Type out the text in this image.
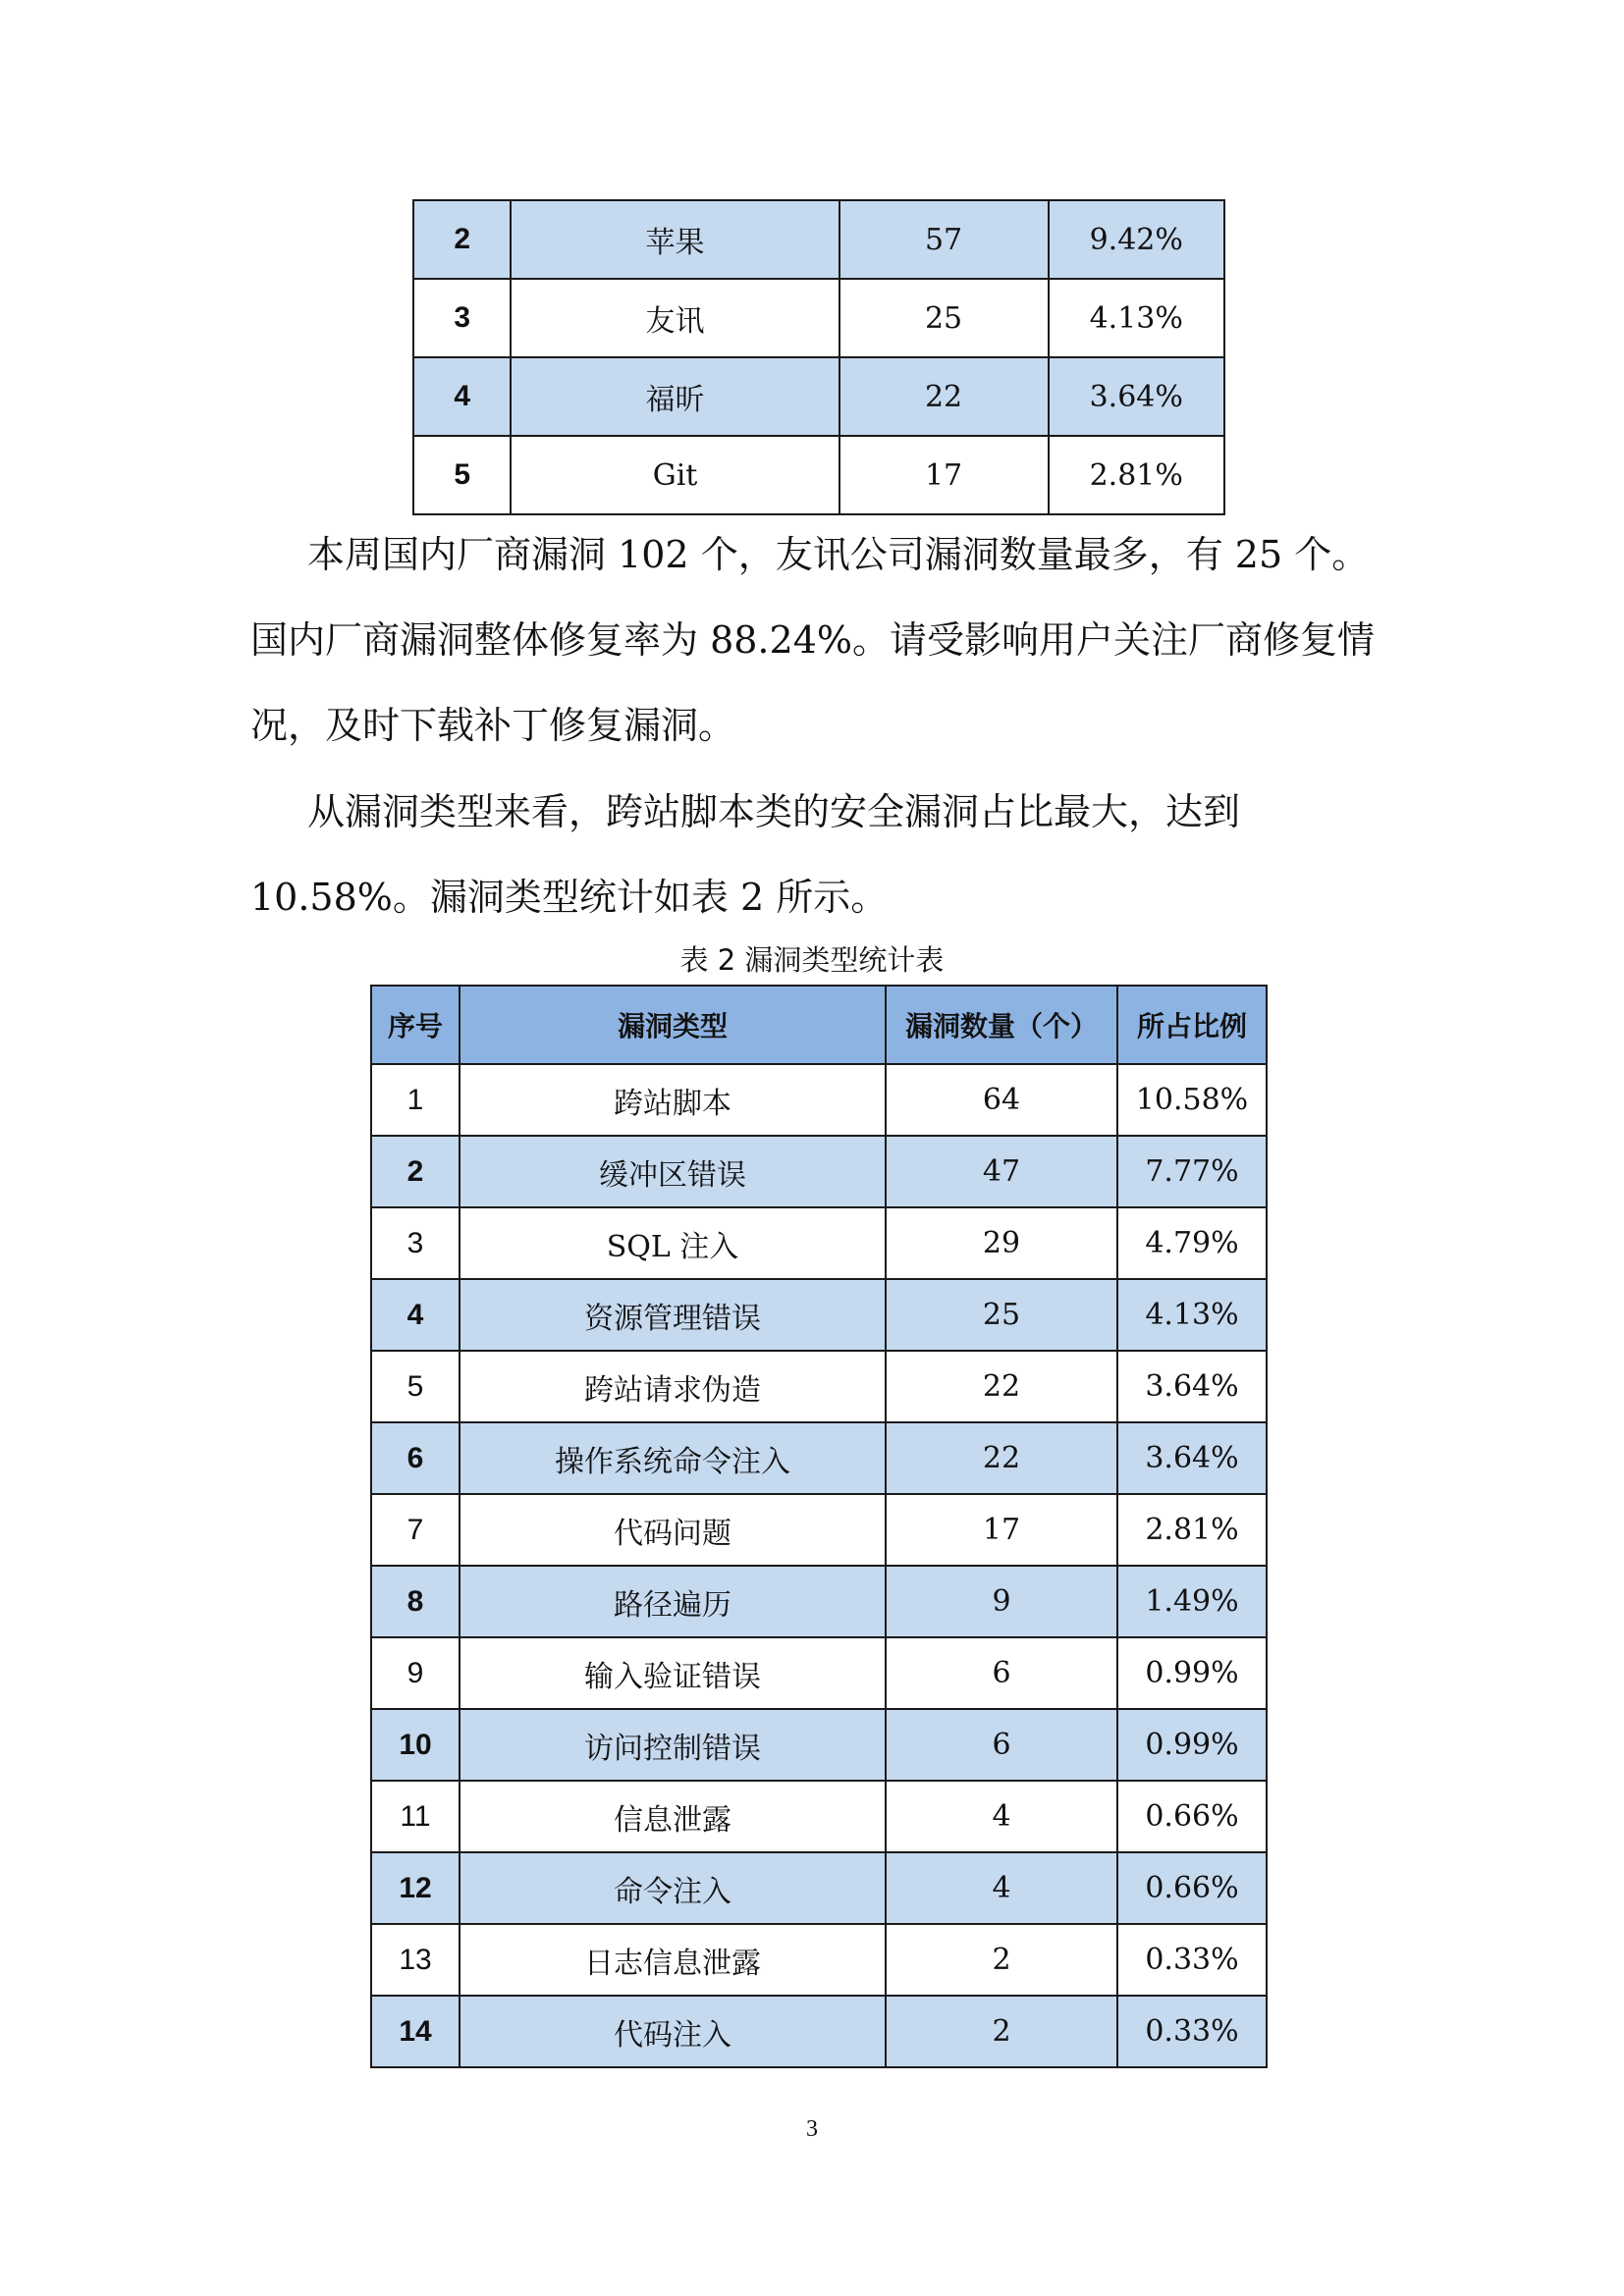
2	苹果	57	9.42%
3	友讯	25	4.13%
4	福昕	22	3.64%
5	Git	17	2.81%

本周国内厂商漏洞 102 个，友讯公司漏洞数量最多，有 25 个。国内厂商漏洞整体修复率为 88.24%。请受影响用户关注厂商修复情况，及时下载补丁修复漏洞。

从漏洞类型来看，跨站脚本类的安全漏洞占比最大，达到 10.58%。漏洞类型统计如表 2 所示。

表 2 漏洞类型统计表
序号	漏洞类型	漏洞数量（个）	所占比例
1	跨站脚本	64	10.58%
2	缓冲区错误	47	7.77%
3	SQL 注入	29	4.79%
4	资源管理错误	25	4.13%
5	跨站请求伪造	22	3.64%
6	操作系统命令注入	22	3.64%
7	代码问题	17	2.81%
8	路径遍历	9	1.49%
9	输入验证错误	6	0.99%
10	访问控制错误	6	0.99%
11	信息泄露	4	0.66%
12	命令注入	4	0.66%
13	日志信息泄露	2	0.33%
14	代码注入	2	0.33%
3
